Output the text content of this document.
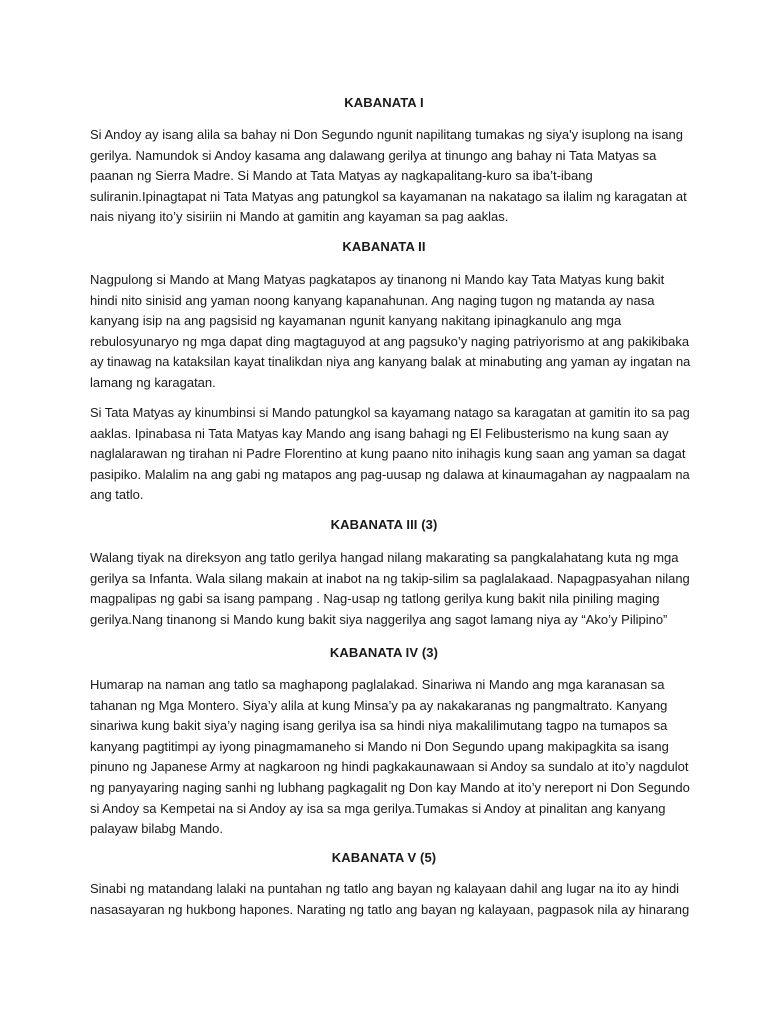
KABANATA I
Si Andoy ay isang alila sa bahay ni Don Segundo ngunit napilitang tumakas ng siya'y isuplong na isang
gerilya. Namundok si Andoy kasama ang dalawang gerilya at tinungo ang bahay ni Tata Matyas sa
paanan ng Sierra Madre. Si Mando at Tata Matyas ay nagkapalitang-kuro sa iba’t-ibang
suliranin.Ipinagtapat ni Tata Matyas ang patungkol sa kayamanan na nakatago sa ilalim ng karagatan at
nais niyang ito’y sisiriin ni Mando at gamitin ang kayaman sa pag aaklas.
KABANATA II
Nagpulong si Mando at Mang Matyas pagkatapos ay tinanong ni Mando kay Tata Matyas kung bakit
hindi nito sinisid ang yaman noong kanyang kapanahunan. Ang naging tugon ng matanda ay nasa
kanyang isip na ang pagsisid ng kayamanan ngunit kanyang nakitang ipinagkanulo ang mga
rebulosyunaryo ng mga dapat ding magtaguyod at ang pagsuko’y naging patriyorismo at ang pakikibaka
ay tinawag na kataksilan kayat tinalikdan niya ang kanyang balak at minabuting ang yaman ay ingatan na
lamang ng karagatan.
Si Tata Matyas ay kinumbinsi si Mando patungkol sa kayamang natago sa karagatan at gamitin ito sa pag
aaklas. Ipinabasa ni Tata Matyas kay Mando ang isang bahagi ng El Felibusterismo na kung saan ay
naglalarawan ng tirahan ni Padre Florentino at kung paano nito inihagis kung saan ang yaman sa dagat
pasipiko. Malalim na ang gabi ng matapos ang pag-uusap ng dalawa at kinaumagahan ay nagpaalam na
ang tatlo.
KABANATA III (3)
Walang tiyak na direksyon ang tatlo gerilya hangad nilang makarating sa pangkalahatang kuta ng mga
gerilya sa Infanta. Wala silang makain at inabot na ng takip-silim sa paglalakaad. Napagpasyahan nilang
magpalipas ng gabi sa isang pampang . Nag-usap ng tatlong gerilya kung bakit nila piniling maging
gerilya.Nang tinanong si Mando kung bakit siya naggerilya ang sagot lamang niya ay “Ako’y Pilipino”
KABANATA IV (3)
Humarap na naman ang tatlo sa maghapong paglalakad. Sinariwa ni Mando ang mga karanasan sa
tahanan ng Mga Montero. Siya’y alila at kung Minsa’y pa ay nakakaranas ng pangmaltrato. Kanyang
sinariwa kung bakit siya’y naging isang gerilya isa sa hindi niya makalilimutang tagpo na tumapos sa
kanyang pagtitimpi ay iyong pinagmamaneho si Mando ni Don Segundo upang makipagkita sa isang
pinuno ng Japanese Army at nagkaroon ng hindi pagkakaunawaan si Andoy sa sundalo at ito’y nagdulot
ng panyayaring naging sanhi ng lubhang pagkagalit ng Don kay Mando at ito’y nereport ni Don Segundo
si Andoy sa Kempetai na si Andoy ay isa sa mga gerilya.Tumakas si Andoy at pinalitan ang kanyang
palayaw bilabg Mando.
KABANATA V (5)
Sinabi ng matandang lalaki na puntahan ng tatlo ang bayan ng kalayaan dahil ang lugar na ito ay hindi
nasasayaran ng hukbong hapones. Narating ng tatlo ang bayan ng kalayaan, pagpasok nila ay hinarang
